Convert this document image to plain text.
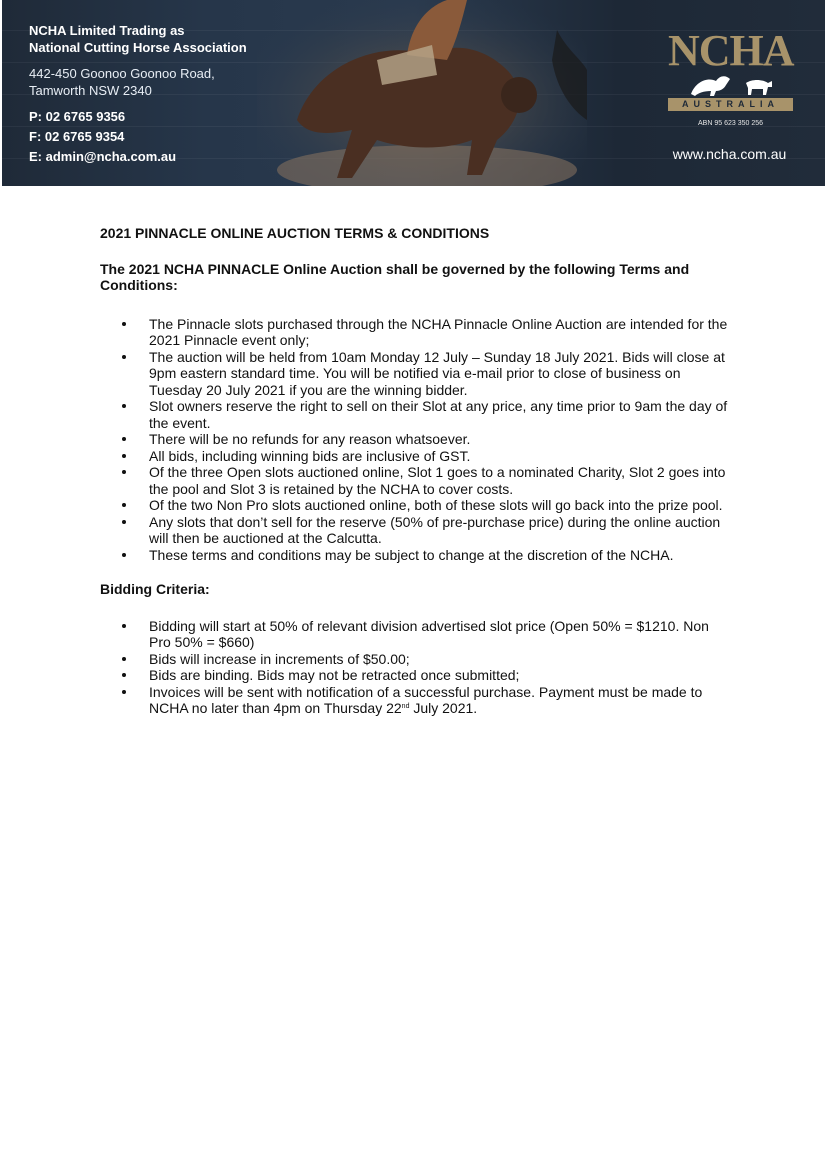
NCHA Limited Trading as
National Cutting Horse Association
442-450 Goonoo Goonoo Road,
Tamworth NSW 2340
P: 02 6765 9356
F: 02 6765 9354
E: admin@ncha.com.au
NCHA
AUSTRALIA
ABN 95 623 350 256
www.ncha.com.au

2021 PINNACLE ONLINE AUCTION TERMS & CONDITIONS

The 2021 NCHA PINNACLE Online Auction shall be governed by the following Terms and Conditions:

The Pinnacle slots purchased through the NCHA Pinnacle Online Auction are intended for the 2021 Pinnacle event only;
The auction will be held from 10am Monday 12 July – Sunday 18 July 2021. Bids will close at 9pm eastern standard time. You will be notified via e-mail prior to close of business on Tuesday 20 July 2021 if you are the winning bidder.
Slot owners reserve the right to sell on their Slot at any price, any time prior to 9am the day of the event.
There will be no refunds for any reason whatsoever.
All bids, including winning bids are inclusive of GST.
Of the three Open slots auctioned online, Slot 1 goes to a nominated Charity, Slot 2 goes into the pool and Slot 3 is retained by the NCHA to cover costs.
Of the two Non Pro slots auctioned online, both of these slots will go back into the prize pool.
Any slots that don’t sell for the reserve (50% of pre-purchase price) during the online auction will then be auctioned at the Calcutta.
These terms and conditions may be subject to change at the discretion of the NCHA.

Bidding Criteria:

Bidding will start at 50% of relevant division advertised slot price (Open 50% = $1210. Non Pro 50% = $660)
Bids will increase in increments of $50.00;
Bids are binding. Bids may not be retracted once submitted;
Invoices will be sent with notification of a successful purchase. Payment must be made to NCHA no later than 4pm on Thursday 22nd July 2021.
